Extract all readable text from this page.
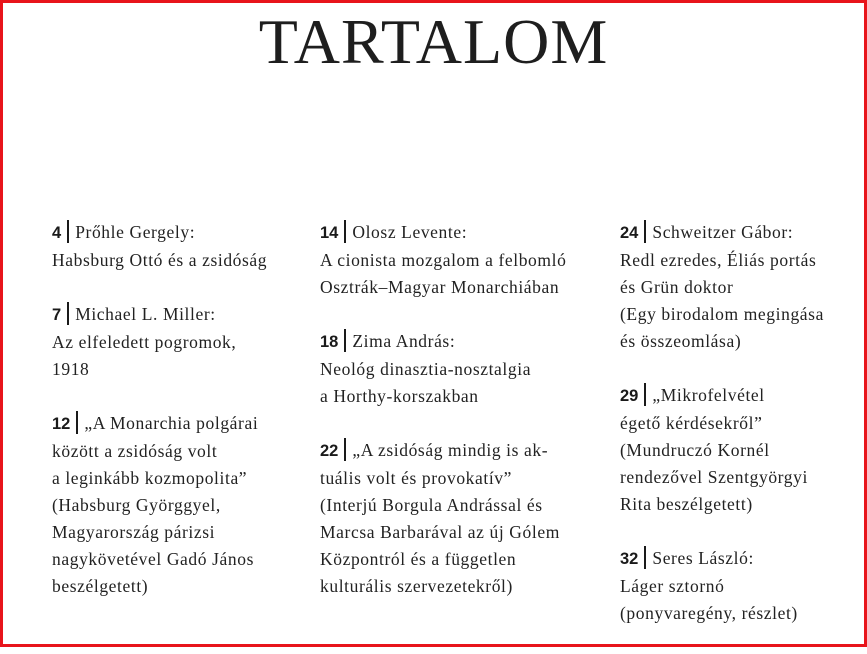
TARTALOM
4 Prőhle Gergely:
Habsburg Ottó és a zsidóság
7 Michael L. Miller:
Az elfeledett pogromok,
1918
12 „A Monarchia polgárai
között a zsidóság volt
a leginkább kozmopolita”
(Habsburg Györggyel,
Magyarország párizsi
nagykövetével Gadó János
beszélgetett)
14 Olosz Levente:
A cionista mozgalom a felbomló
Osztrák–Magyar Monarchiában
18 Zima András:
Neológ dinasztia-nosztalgia
a Horthy-korszakban
22 „A zsidóság mindig is ak-
tuális volt és provokatív”
(Interjú Borgula Andrással és
Marcsa Barbarával az új Gólem
Központról és a független
kulturális szervezetekről)
24 Schweitzer Gábor:
Redl ezredes, Éliás portás
és Grün doktor
(Egy birodalom megingása
és összeomlása)
29 „Mikrofelvétel
égető kérdésekről”
(Mundruczó Kornél
rendezővel Szentgyörgyi
Rita beszélgetett)
32 Seres László:
Láger sztornó
(ponyvaregény, részlet)
